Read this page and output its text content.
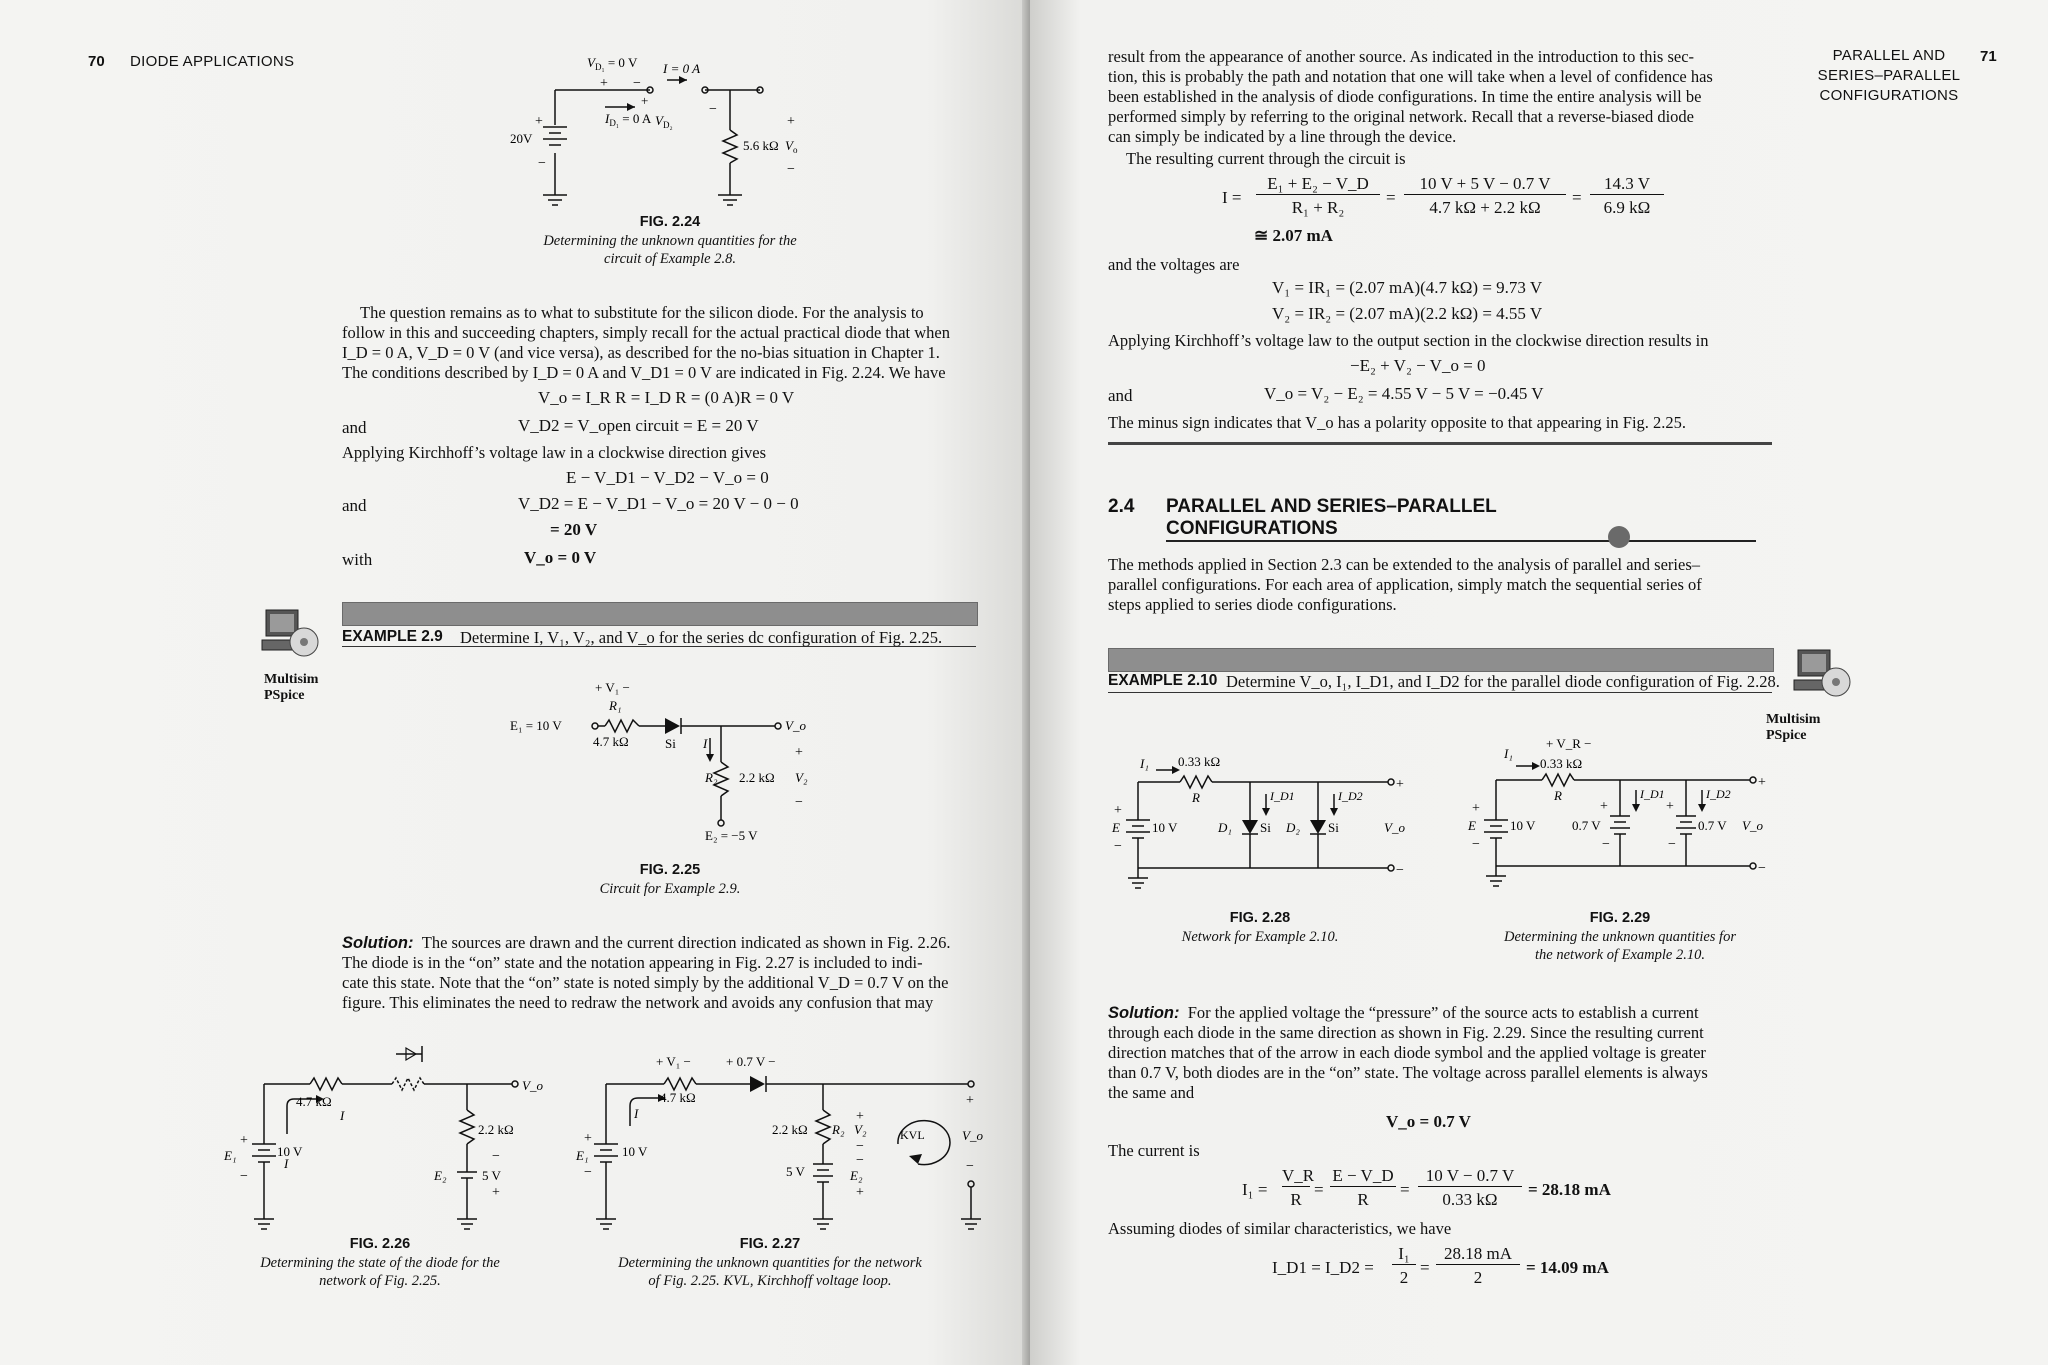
70 DIODE APPLICATIONS	$V_{D_1} = 0$ V I = 0 A
+ −
+
−
$I_{D_1} = 0$ A $V_{D_2}$	+
+
20V
−
5.6 kΩ $V_o$
−
FIG. 2.24
Determining the unknown quantities for the
circuit of Example 2.8.
The question remains as to what to substitute for the silicon diode. For the analysis to
follow in this and succeeding chapters, simply recall for the actual practical diode that when
I_D = 0 A, V_D = 0 V (and vice versa), as described for the no-bias situation in Chapter 1.
The conditions described by I_D = 0 A and V_D1 = 0 V are indicated in Fig. 2.24. We have
V_o = I_R R = I_D R = (0 A)R = 0 V
and	V_D2 = V_open circuit = E = 20 V
Applying Kirchhoff’s voltage law in a clockwise direction gives
E − V_D1 − V_D2 − V_o = 0
and	V_D2 = E − V_D1 − V_o = 20 V − 0 − 0
= 20 V
with	V_o = 0 V
Multisim
PSpice
EXAMPLE 2.9 Determine I, V₁, V₂, and V_o for the series dc configuration of Fig. 2.25.
+ V₁ −
R₁
E₁ = 10 V
4.7 kΩ	Si I
V_o
+
R₂ 2.2 kΩ V₂
−
E₂ = −5 V
FIG. 2.25
Circuit for Example 2.9.
Solution: The sources are drawn and the current direction indicated as shown in Fig. 2.26.
The diode is in the “on” state and the notation appearing in Fig. 2.27 is included to indi-
cate this state. Note that the “on” state is noted simply by the additional V_D = 0.7 V on the
figure. This eliminates the need to redraw the network and avoids any confusion that may
4.7 kΩ
V_o
I
2.2 kΩ
+
E₁	10 V
−
I	−
E₂	5 V
+
FIG. 2.26
Determining the state of the diode for the
network of Fig. 2.25.
+ V₁ −	+ 0.7 V −
4.7 kΩ	+
I	+
2.2 kΩ R₂ V₂	KVL	V_o
+
E₁	10 V	−
−	5 V
−
E₂
+
−
FIG. 2.27
Determining the unknown quantities for the network
of Fig. 2.25. KVL, Kirchhoff voltage loop.
PARALLEL AND
SERIES–PARALLEL
CONFIGURATIONS
71
result from the appearance of another source. As indicated in the introduction to this sec-
tion, this is probably the path and notation that one will take when a level of confidence has
been established in the analysis of diode configurations. In time the entire analysis will be
performed simply by referring to the original network. Recall that a reverse-biased diode
can simply be indicated by a line through the device.
The resulting current through the circuit is
I =
E₁ + E₂ − V_D
R₁ + R₂
=
10 V + 5 V − 0.7 V
4.7 kΩ + 2.2 kΩ
=
14.3 V
6.9 kΩ
≅ 2.07 mA
and the voltages are
V₁ = IR₁ = (2.07 mA)(4.7 kΩ) = 9.73 V
V₂ = IR₂ = (2.07 mA)(2.2 kΩ) = 4.55 V
Applying Kirchhoff’s voltage law to the output section in the clockwise direction results in
−E₂ + V₂ − V_o = 0
and	V_o = V₂ − E₂ = 4.55 V − 5 V = −0.45 V
The minus sign indicates that V_o has a polarity opposite to that appearing in Fig. 2.25.
2.4 PARALLEL AND SERIES–PARALLEL
CONFIGURATIONS
The methods applied in Section 2.3 can be extended to the analysis of parallel and series–
parallel configurations. For each area of application, simply match the sequential series of
steps applied to series diode configurations.
EXAMPLE 2.10 Determine V_o, I₁, I_D1, and I_D2 for the parallel diode configuration of Fig. 2.28.
Multisim
PSpice
I₁ 0.33 kΩ
R	I_D1	I_D2
+
+
E 10 V	D₁ Si D₂ Si	V_o
−
−
FIG. 2.28
Network for Example 2.10.
+ V_R −
I₁
0.33 kΩ
R	I_D1	I_D2
+
+	+
+
E	10 V	0.7 V	0.7 V V_o
−	−	−
−
FIG. 2.29
Determining the unknown quantities for
the network of Example 2.10.
Solution: For the applied voltage the “pressure” of the source acts to establish a current
through each diode in the same direction as shown in Fig. 2.29. Since the resulting current
direction matches that of the arrow in each diode symbol and the applied voltage is greater
than 0.7 V, both diodes are in the “on” state. The voltage across parallel elements is always
the same and
V_o = 0.7 V
The current is
I₁ =
V_R
R
=
E − V_D
R
=
10 V − 0.7 V
0.33 kΩ
= 28.18 mA
Assuming diodes of similar characteristics, we have
I_D1 = I_D2 =
I₁
2
=
28.18 mA
2
= 14.09 mA
